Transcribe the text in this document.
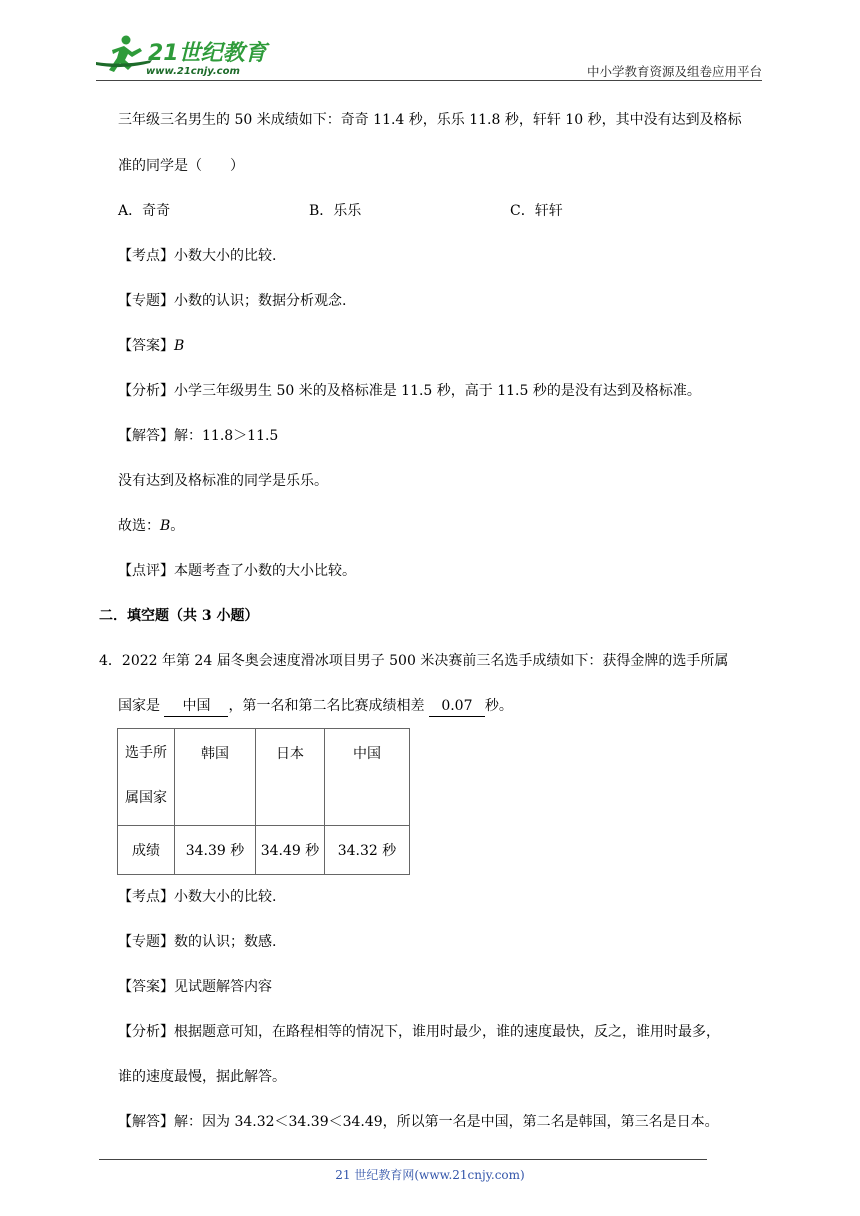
21世纪教育
www.21cnjy.com	中小学教育资源及组卷应用平台
三年级三名男生的 50 米成绩如下：奇奇 11.4 秒，乐乐 11.8 秒，轩轩 10 秒，其中没有达到及格标
准的同学是（　　）
A．奇奇	B．乐乐	C．轩轩
【考点】小数大小的比较.
【专题】小数的认识；数据分析观念.
【答案】B
【分析】小学三年级男生 50 米的及格标准是 11.5 秒，高于 11.5 秒的是没有达到及格标准。
【解答】解：11.8＞11.5
没有达到及格标准的同学是乐乐。
故选：B。
【点评】本题考查了小数的大小比较。
二．填空题（共 3 小题）
4．2022 年第 24 届冬奥会速度滑冰项目男子 500 米决赛前三名选手成绩如下：获得金牌的选手所属
国家是 中国 ，第一名和第二名比赛成绩相差 0.07 秒。
选手所
属国家	韩国	日本	中国
成绩	34.39 秒	34.49 秒	34.32 秒
【考点】小数大小的比较.
【专题】数的认识；数感.
【答案】见试题解答内容
【分析】根据题意可知，在路程相等的情况下，谁用时最少，谁的速度最快，反之，谁用时最多，
谁的速度最慢，据此解答。
【解答】解：因为 34.32＜34.39＜34.49，所以第一名是中国，第二名是韩国，第三名是日本。
21 世纪教育网(www.21cnjy.com)
